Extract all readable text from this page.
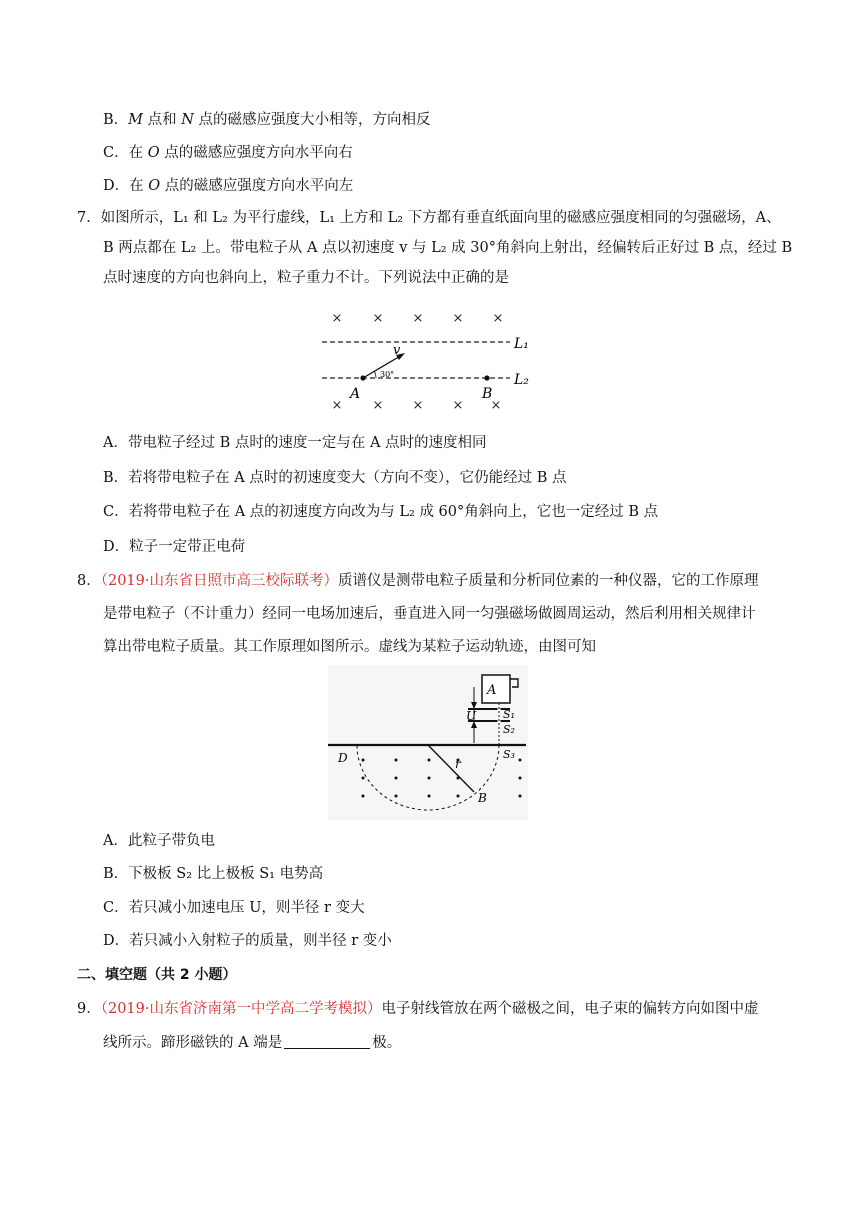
B．M 点和 N 点的磁感应强度大小相等，方向相反
C．在 O 点的磁感应强度方向水平向右
D．在 O 点的磁感应强度方向水平向左
7．如图所示，L₁ 和 L₂ 为平行虚线，L₁ 上方和 L₂ 下方都有垂直纸面向里的磁感应强度相同的匀强磁场，A、
B 两点都在 L₂ 上。带电粒子从 A 点以初速度 v 与 L₂ 成 30°角斜向上射出，经偏转后正好过 B 点，经过 B
点时速度的方向也斜向上，粒子重力不计。下列说法中正确的是
× × × × ×
× × × × ×
L₁
L₂
v
30°
A	B
A．带电粒子经过 B 点时的速度一定与在 A 点时的速度相同
B．若将带电粒子在 A 点时的初速度变大（方向不变），它仍能经过 B 点
C．若将带电粒子在 A 点的初速度方向改为与 L₂ 成 60°角斜向上，它也一定经过 B 点
D．粒子一定带正电荷
8．（2019·山东省日照市高三校际联考）质谱仪是测带电粒子质量和分析同位素的一种仪器，它的工作原理
是带电粒子（不计重力）经同一电场加速后，垂直进入同一匀强磁场做圆周运动，然后利用相关规律计
算出带电粒子质量。其工作原理如图所示。虚线为某粒子运动轨迹，由图可知
A
U S₁
S₂
S₃
r
D
B
A．此粒子带负电
B．下极板 S₂ 比上极板 S₁ 电势高
C．若只减小加速电压 U，则半径 r 变大
D．若只减小入射粒子的质量，则半径 r 变小
二、填空题（共 2 小题）
9．（2019·山东省济南第一中学高二学考模拟）电子射线管放在两个磁极之间，电子束的偏转方向如图中虚
线所示。蹄形磁铁的 A 端是	极。
